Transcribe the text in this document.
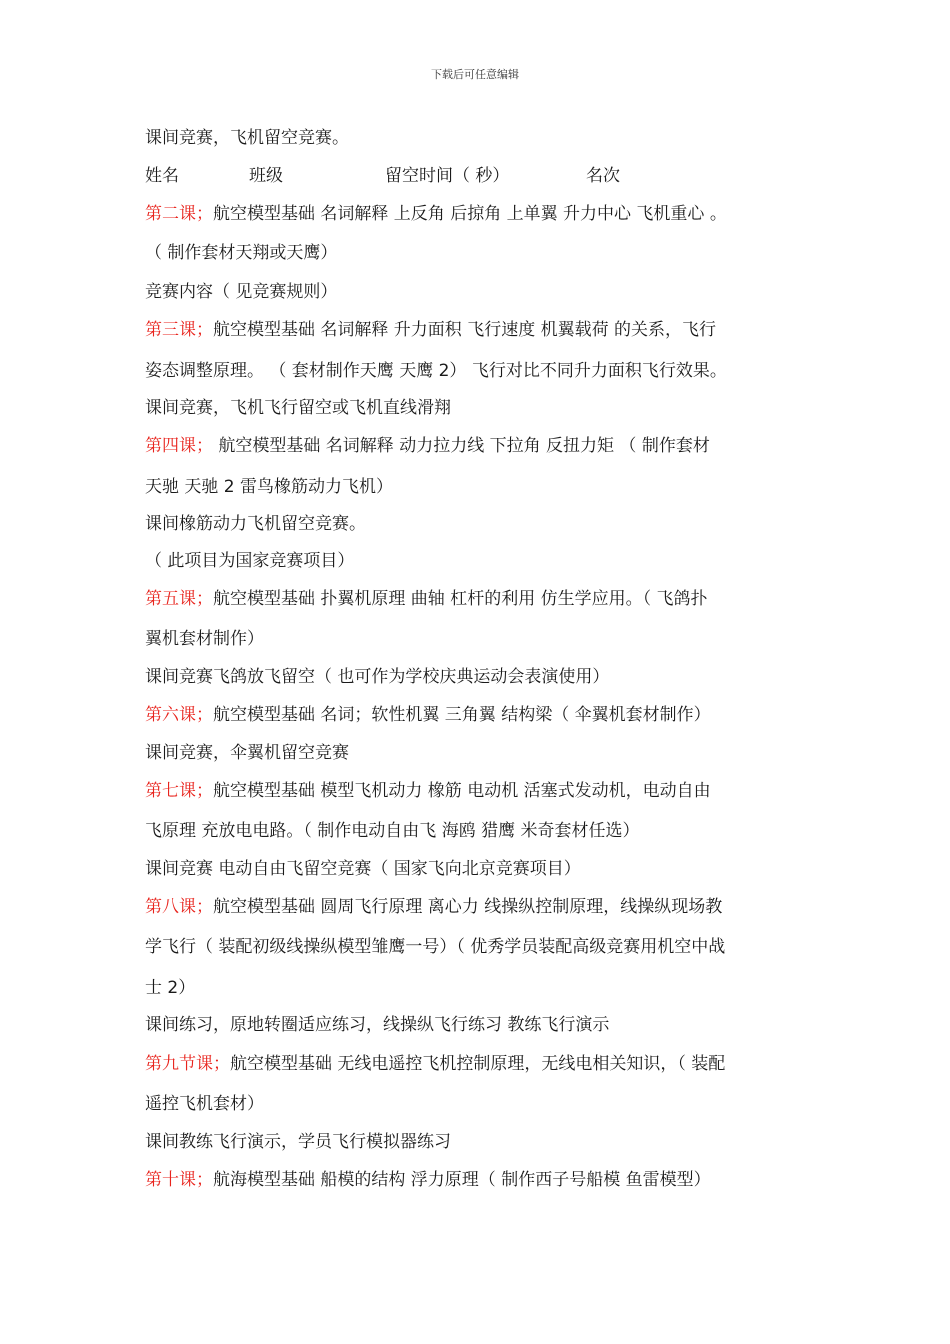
下载后可任意编辑
课间竞赛，飞机留空竞赛。
姓名	班级	留空时间（ 秒）	名次
第二课；航空模型基础 名词解释 上反角 后掠角 上单翼 升力中心 飞机重心 。
（ 制作套材天翔或天鹰）
竞赛内容（ 见竞赛规则）
第三课；航空模型基础 名词解释 升力面积 飞行速度 机翼载荷 的关系，飞行
姿态调整原理。 （ 套材制作天鹰 天鹰 2） 飞行对比不同升力面积飞行效果。
课间竞赛，飞机飞行留空或飞机直线滑翔
第四课； 航空模型基础 名词解释 动力拉力线 下拉角 反扭力矩 （ 制作套材
天驰 天驰 2 雷鸟橡筋动力飞机）
课间橡筋动力飞机留空竞赛。
（ 此项目为国家竞赛项目）
第五课；航空模型基础 扑翼机原理 曲轴 杠杆的利用 仿生学应用。（ 飞鸽扑
翼机套材制作）
课间竞赛飞鸽放飞留空（ 也可作为学校庆典运动会表演使用）
第六课；航空模型基础 名词；软性机翼 三角翼 结构梁（ 伞翼机套材制作）
课间竞赛，伞翼机留空竞赛
第七课；航空模型基础 模型飞机动力 橡筋 电动机 活塞式发动机，电动自由
飞原理 充放电电路。（ 制作电动自由飞 海鸥 猎鹰 米奇套材任选）
课间竞赛 电动自由飞留空竞赛（ 国家飞向北京竞赛项目）
第八课；航空模型基础 圆周飞行原理 离心力 线操纵控制原理，线操纵现场教
学飞行（ 装配初级线操纵模型雏鹰一号）（ 优秀学员装配高级竞赛用机空中战
士 2）
课间练习，原地转圈适应练习，线操纵飞行练习 教练飞行演示
第九节课；航空模型基础 无线电遥控飞机控制原理，无线电相关知识，（ 装配
遥控飞机套材）
课间教练飞行演示，学员飞行模拟器练习
第十课；航海模型基础 船模的结构 浮力原理（ 制作西子号船模 鱼雷模型）
